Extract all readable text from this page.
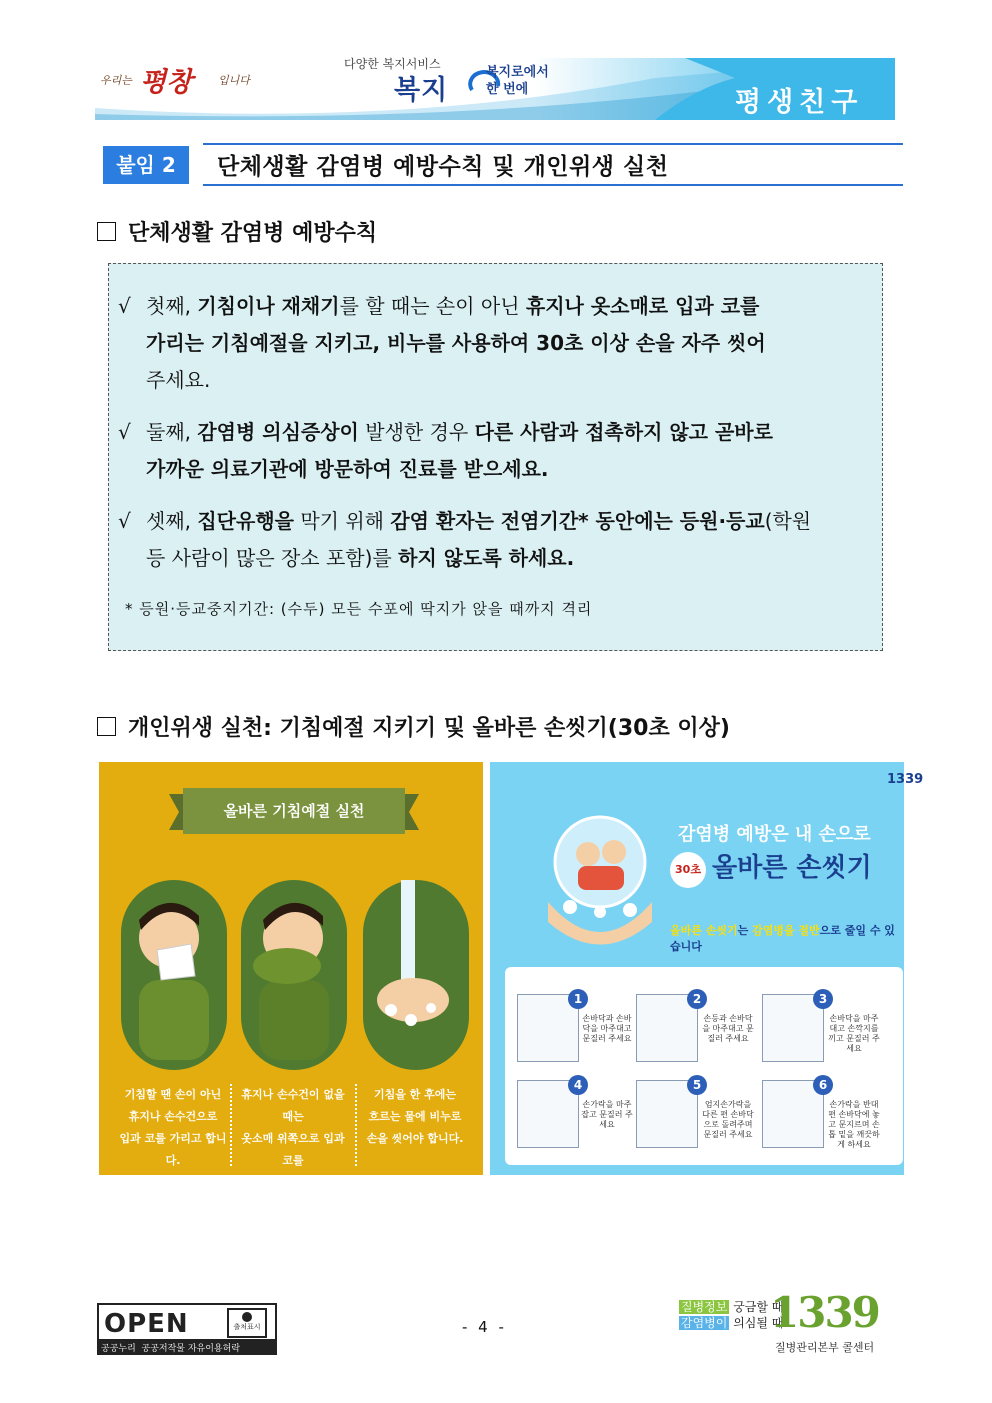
우리는 평창 입니다
다양한 복지서비스
복지
복지로에서
한 번에	평생친구
붙임 2	단체생활 감염병 예방수칙 및 개인위생 실천
단체생활 감염병 예방수칙
√ 첫째, 기침이나 재채기를 할 때는 손이 아닌 휴지나 옷소매로 입과 코를
가리는 기침예절을 지키고, 비누를 사용하여 30초 이상 손을 자주 씻어
주세요.
√ 둘째, 감염병 의심증상이 발생한 경우 다른 사람과 접촉하지 않고 곧바로
가까운 의료기관에 방문하여 진료를 받으세요.
√ 셋째, 집단유행을 막기 위해 감염 환자는 전염기간* 동안에는 등원·등교(학원
등 사람이 많은 장소 포함)를 하지 않도록 하세요.
* 등원·등교중지기간: (수두) 모든 수포에 딱지가 앉을 때까지 격리
개인위생 실천: 기침예절 지키기 및 올바른 손씻기(30초 이상)
올바른 기침예절 실천
기침할 땐 손이 아닌
휴지나 손수건으로
입과 코를 가리고 합니다.
휴지나 손수건이 없을 때는
옷소매 위쪽으로 입과 코를
가리고 합니다.
기침을 한 후에는
흐르는 물에 비누로
손을 씻어야 합니다.
1339
감염병 예방은 내 손으로
30초 올바른 손씻기
올바른 손씻기는 감염병을 절반으로 줄일 수 있습니다
1
손바닥과 손바닥을 마주대고 문질러 주세요
2
손등과 손바닥을 마주대고 문질러 주세요
3
손바닥을 마주대고 손깍지를 끼고 문질러 주세요
4
손가락을 마주잡고 문질러 주세요
5
엄지손가락을 다른 편 손바닥으로 돌려주며 문질러 주세요
6
손가락을 반대편 손바닥에 놓고 문지르며 손톱 밑을 깨끗하게 하세요
출처표시
OPEN
공공누리 공공저작물 자유이용허락
- 4 -
질병정보 궁금할 때
감염병이 의심될 때
1339
질병관리본부 콜센터
